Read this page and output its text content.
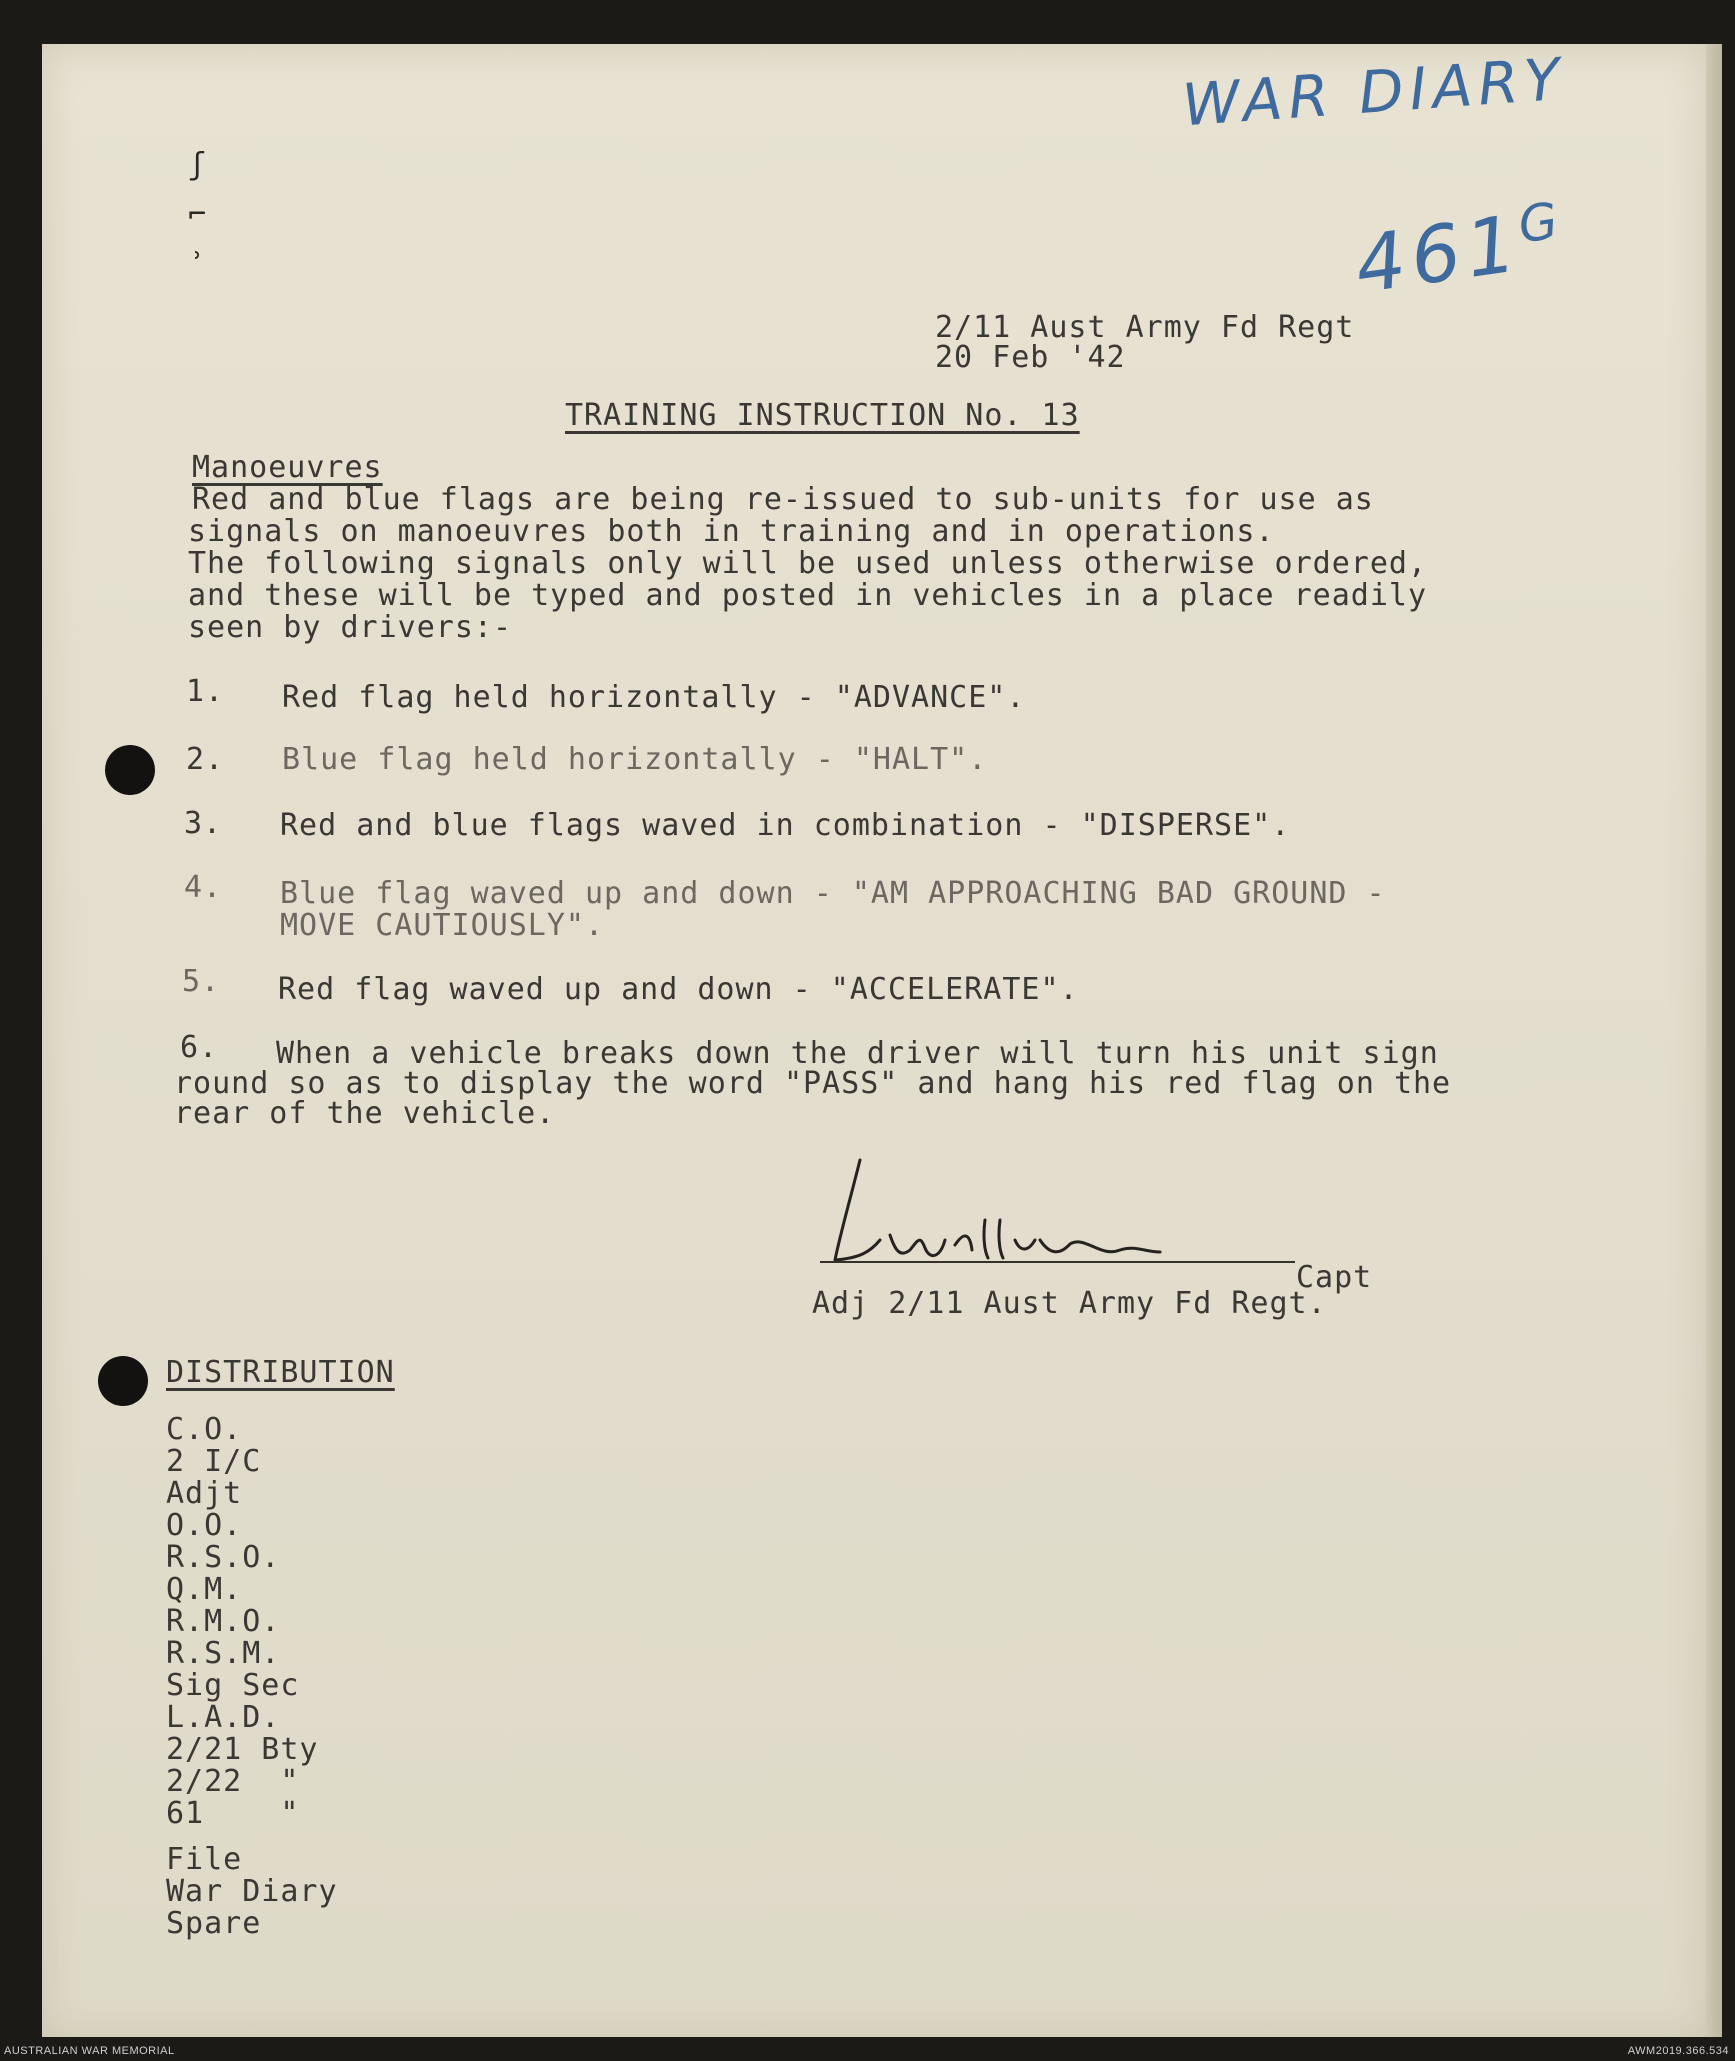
ʃ
⌐
ʾ
WAR DIARY
$461^G$
2/11 Aust Army Fd Regt
20 Feb '42
TRAINING INSTRUCTION No. 13
Manoeuvres
Red and blue flags are being re-issued to sub-units for use as
signals on manoeuvres both in training and in operations.
The following signals only will be used unless otherwise ordered,
and these will be typed and posted in vehicles in a place readily
seen by drivers:-
1. Red flag held horizontally - "ADVANCE".
2. Blue flag held horizontally - "HALT".
3. Red and blue flags waved in combination - "DISPERSE".
4. Blue flag waved up and down - "AM APPROACHING BAD GROUND -
MOVE CAUTIOUSLY".
5. Red flag waved up and down - "ACCELERATE".
6. When a vehicle breaks down the driver will turn his unit sign
round so as to display the word "PASS" and hang his red flag on the
rear of the vehicle.
Capt
Adj 2/11 Aust Army Fd Regt.
DISTRIBUTION
C.O.
2 I/C
Adjt
O.O.
R.S.O.
Q.M.
R.M.O.
R.S.M.
Sig Sec
L.A.D.
2/21 Bty
2/22  "
61    "
File
War Diary
Spare
AUSTRALIAN WAR MEMORIAL	AWM2019.366.534
